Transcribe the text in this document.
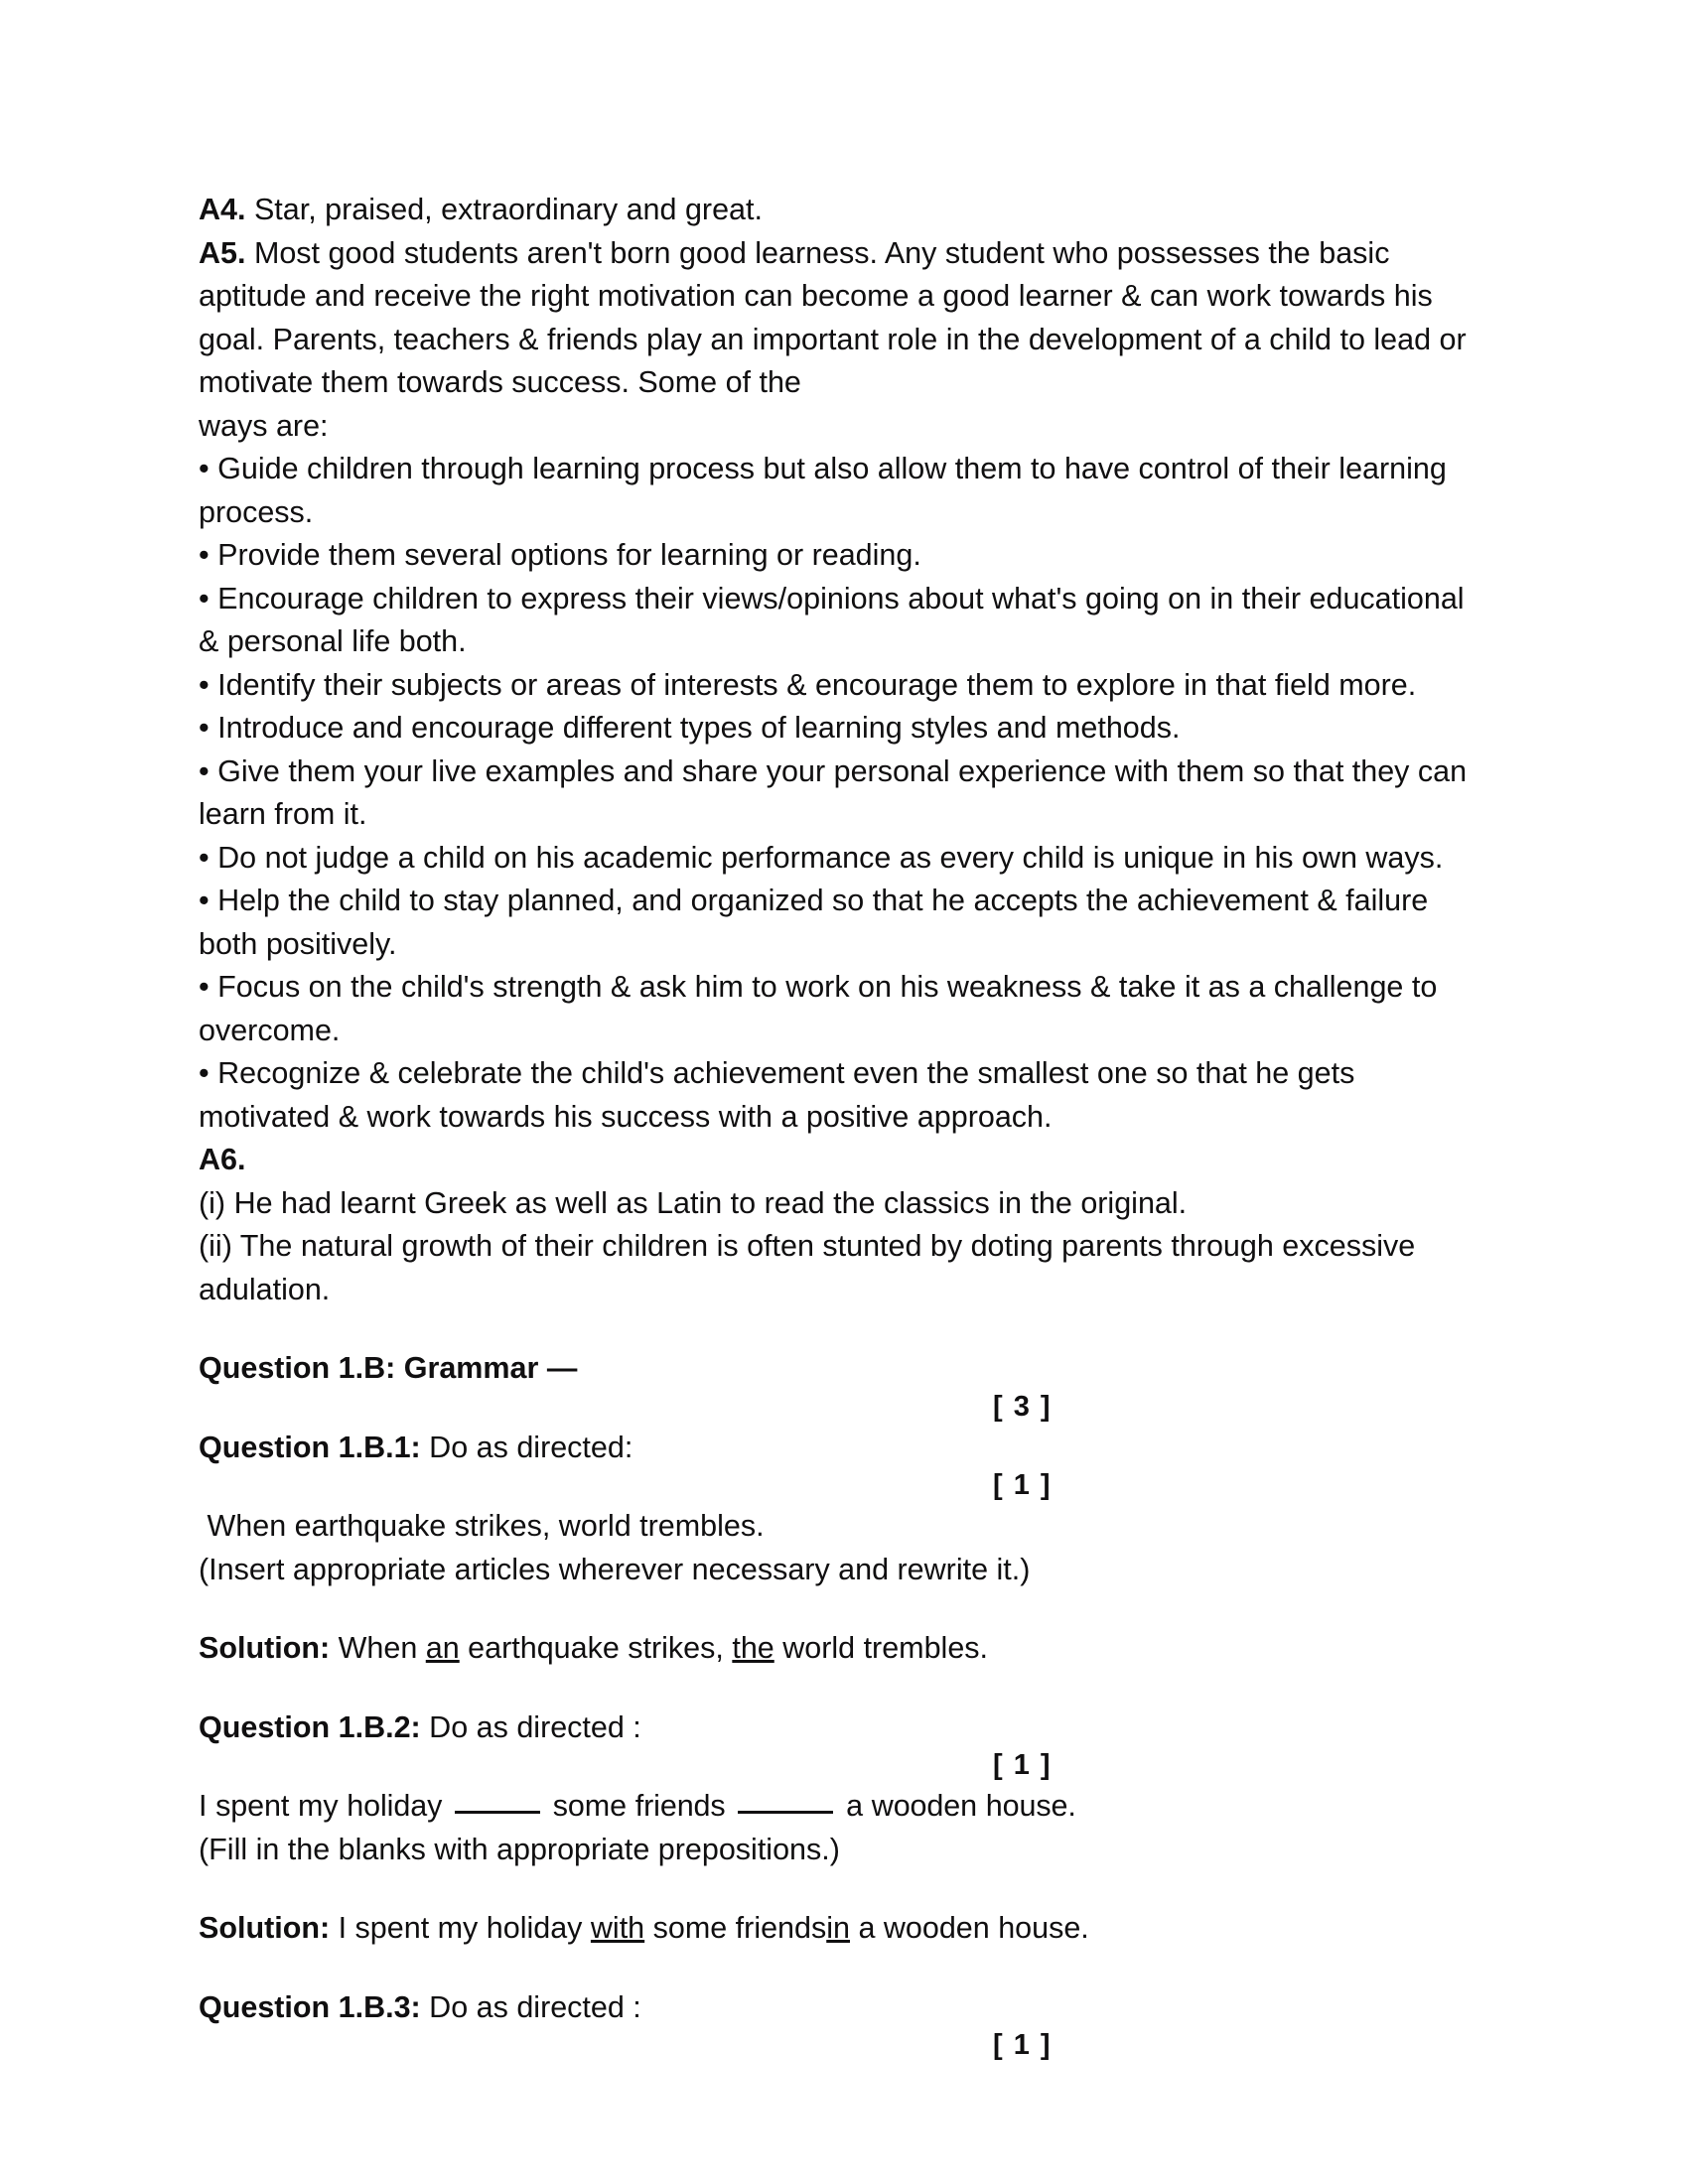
A4. Star, praised, extraordinary and great.
A5. Most good students aren't born good learness. Any student who possesses the basic aptitude and receive the right motivation can become a good learner & can work towards his goal. Parents, teachers & friends play an important role in the development of a child to lead or motivate them towards success. Some of the
ways are:
• Guide children through learning process but also allow them to have control of their learning process.
• Provide them several options for learning or reading.
• Encourage children to express their views/opinions about what's going on in their educational & personal life both.
• Identify their subjects or areas of interests & encourage them to explore in that field more.
• Introduce and encourage different types of learning styles and methods.
• Give them your live examples and share your personal experience with them so that they can learn from it.
• Do not judge a child on his academic performance as every child is unique in his own ways.
• Help the child to stay planned, and organized so that he accepts the achievement & failure both positively.
• Focus on the child's strength & ask him to work on his weakness & take it as a challenge to overcome.
• Recognize & celebrate the child's achievement even the smallest one so that he gets motivated & work towards his success with a positive approach.
A6.
(i) He had learnt Greek as well as Latin to read the classics in the original.
(ii) The natural growth of their children is often stunted by doting parents through excessive adulation.
Question 1.B: Grammar —
[ 3 ]
Question 1.B.1: Do as directed:
[ 1 ]
When earthquake strikes, world trembles.
(Insert appropriate articles wherever necessary and rewrite it.)
Solution: When an earthquake strikes, the world trembles.
Question 1.B.2: Do as directed :
[ 1 ]
I spent my holiday	some friends	a wooden house.
(Fill in the blanks with appropriate prepositions.)
Solution: I spent my holiday with some friendsin a wooden house.
Question 1.B.3: Do as directed :
[ 1 ]
